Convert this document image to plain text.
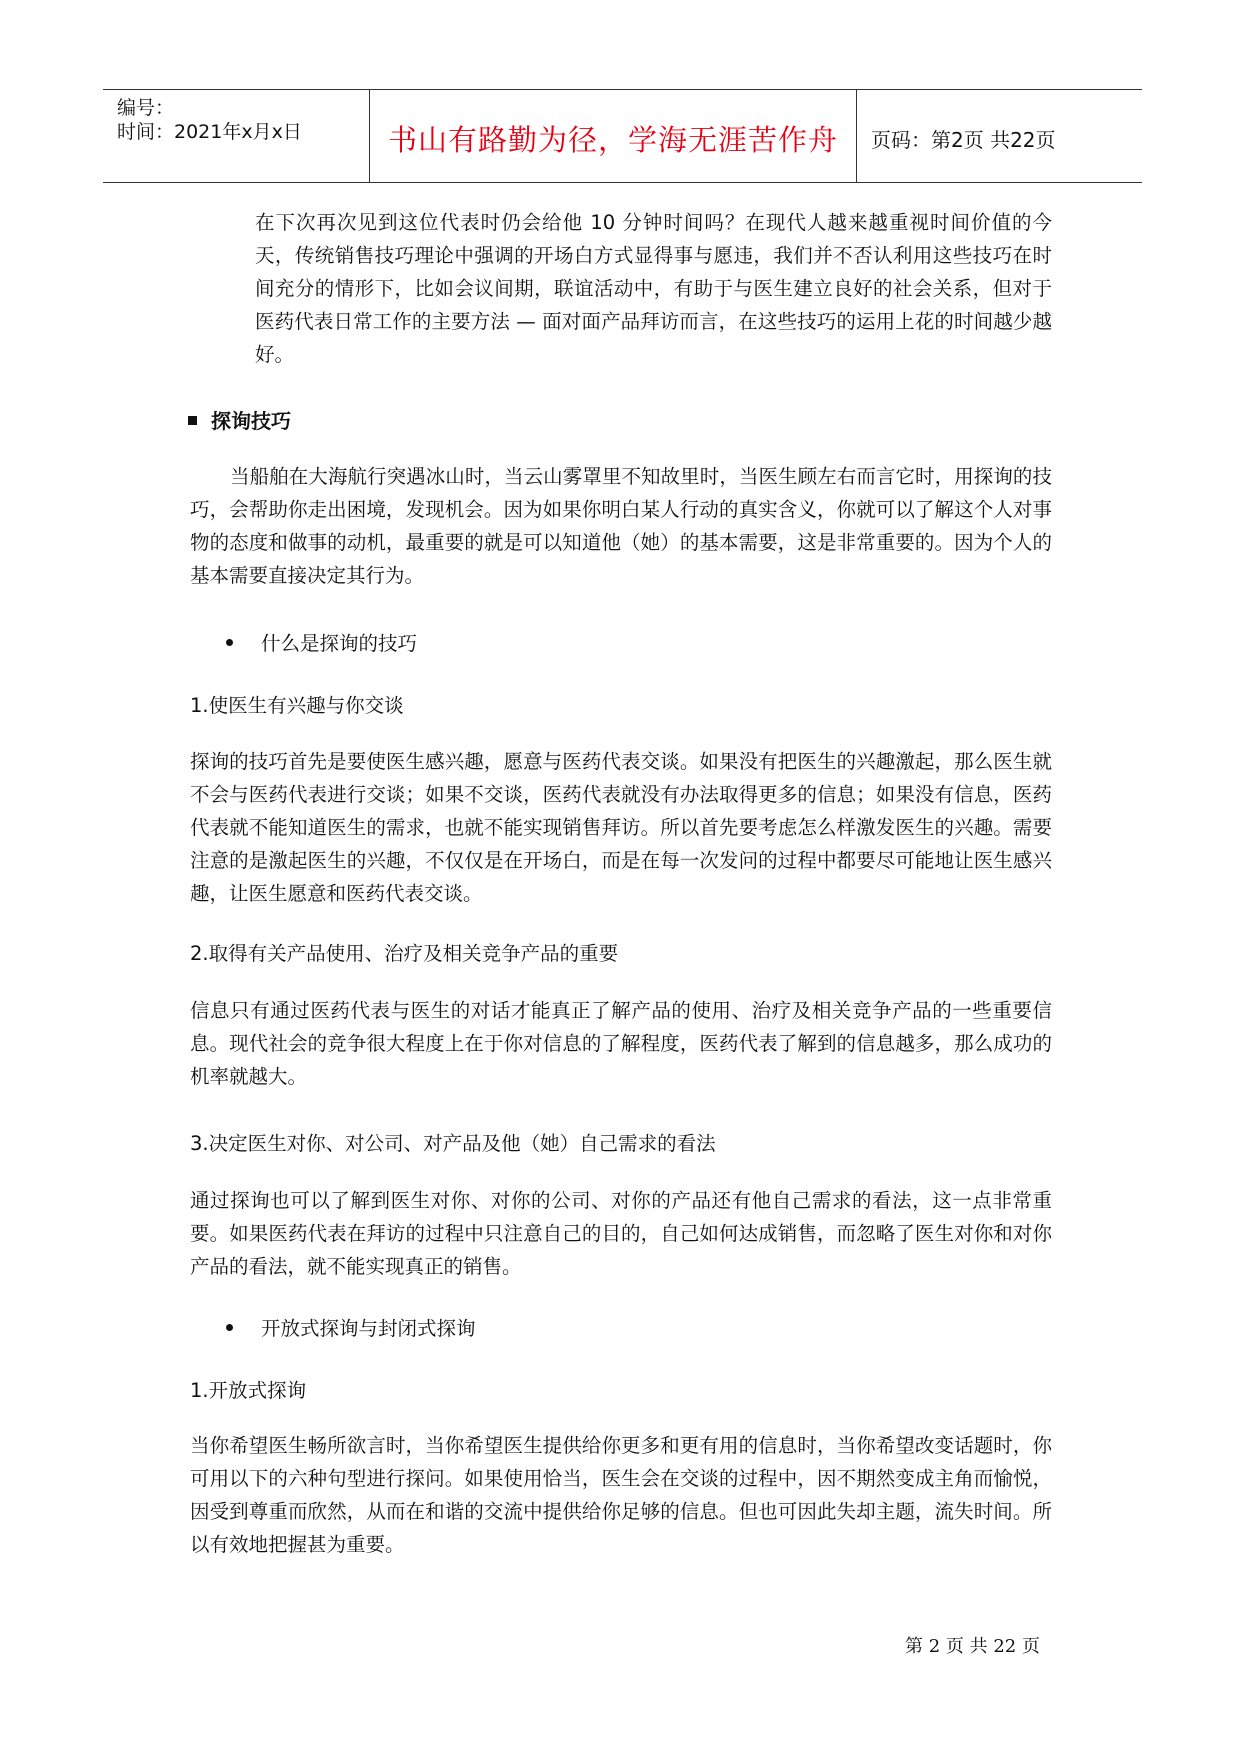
编号：
时间：2021年x月x日	书山有路勤为径，学海无涯苦作舟	页码：第2页 共22页
在下次再次见到这位代表时仍会给他 10 分钟时间吗？在现代人越来越重视时间价值的今天，传统销售技巧理论中强调的开场白方式显得事与愿违，我们并不否认利用这些技巧在时间充分的情形下，比如会议间期，联谊活动中，有助于与医生建立良好的社会关系，但对于医药代表日常工作的主要方法 — 面对面产品拜访而言，在这些技巧的运用上花的时间越少越好。
探询技巧
当船舶在大海航行突遇冰山时，当云山雾罩里不知故里时，当医生顾左右而言它时，用探询的技巧，会帮助你走出困境，发现机会。因为如果你明白某人行动的真实含义，你就可以了解这个人对事物的态度和做事的动机，最重要的就是可以知道他（她）的基本需要，这是非常重要的。因为个人的基本需要直接决定其行为。
什么是探询的技巧
1.使医生有兴趣与你交谈
探询的技巧首先是要使医生感兴趣，愿意与医药代表交谈。如果没有把医生的兴趣激起，那么医生就不会与医药代表进行交谈；如果不交谈，医药代表就没有办法取得更多的信息；如果没有信息，医药代表就不能知道医生的需求，也就不能实现销售拜访。所以首先要考虑怎么样激发医生的兴趣。需要注意的是激起医生的兴趣，不仅仅是在开场白，而是在每一次发问的过程中都要尽可能地让医生感兴趣，让医生愿意和医药代表交谈。
2.取得有关产品使用、治疗及相关竞争产品的重要
信息只有通过医药代表与医生的对话才能真正了解产品的使用、治疗及相关竞争产品的一些重要信息。现代社会的竞争很大程度上在于你对信息的了解程度，医药代表了解到的信息越多，那么成功的机率就越大。
3.决定医生对你、对公司、对产品及他（她）自己需求的看法
通过探询也可以了解到医生对你、对你的公司、对你的产品还有他自己需求的看法，这一点非常重要。如果医药代表在拜访的过程中只注意自己的目的，自己如何达成销售，而忽略了医生对你和对你产品的看法，就不能实现真正的销售。
开放式探询与封闭式探询
1.开放式探询
当你希望医生畅所欲言时，当你希望医生提供给你更多和更有用的信息时，当你希望改变话题时，你可用以下的六种句型进行探问。如果使用恰当，医生会在交谈的过程中，因不期然变成主角而愉悦，因受到尊重而欣然，从而在和谐的交流中提供给你足够的信息。但也可因此失却主题，流失时间。所以有效地把握甚为重要。
第 2 页 共 22 页
